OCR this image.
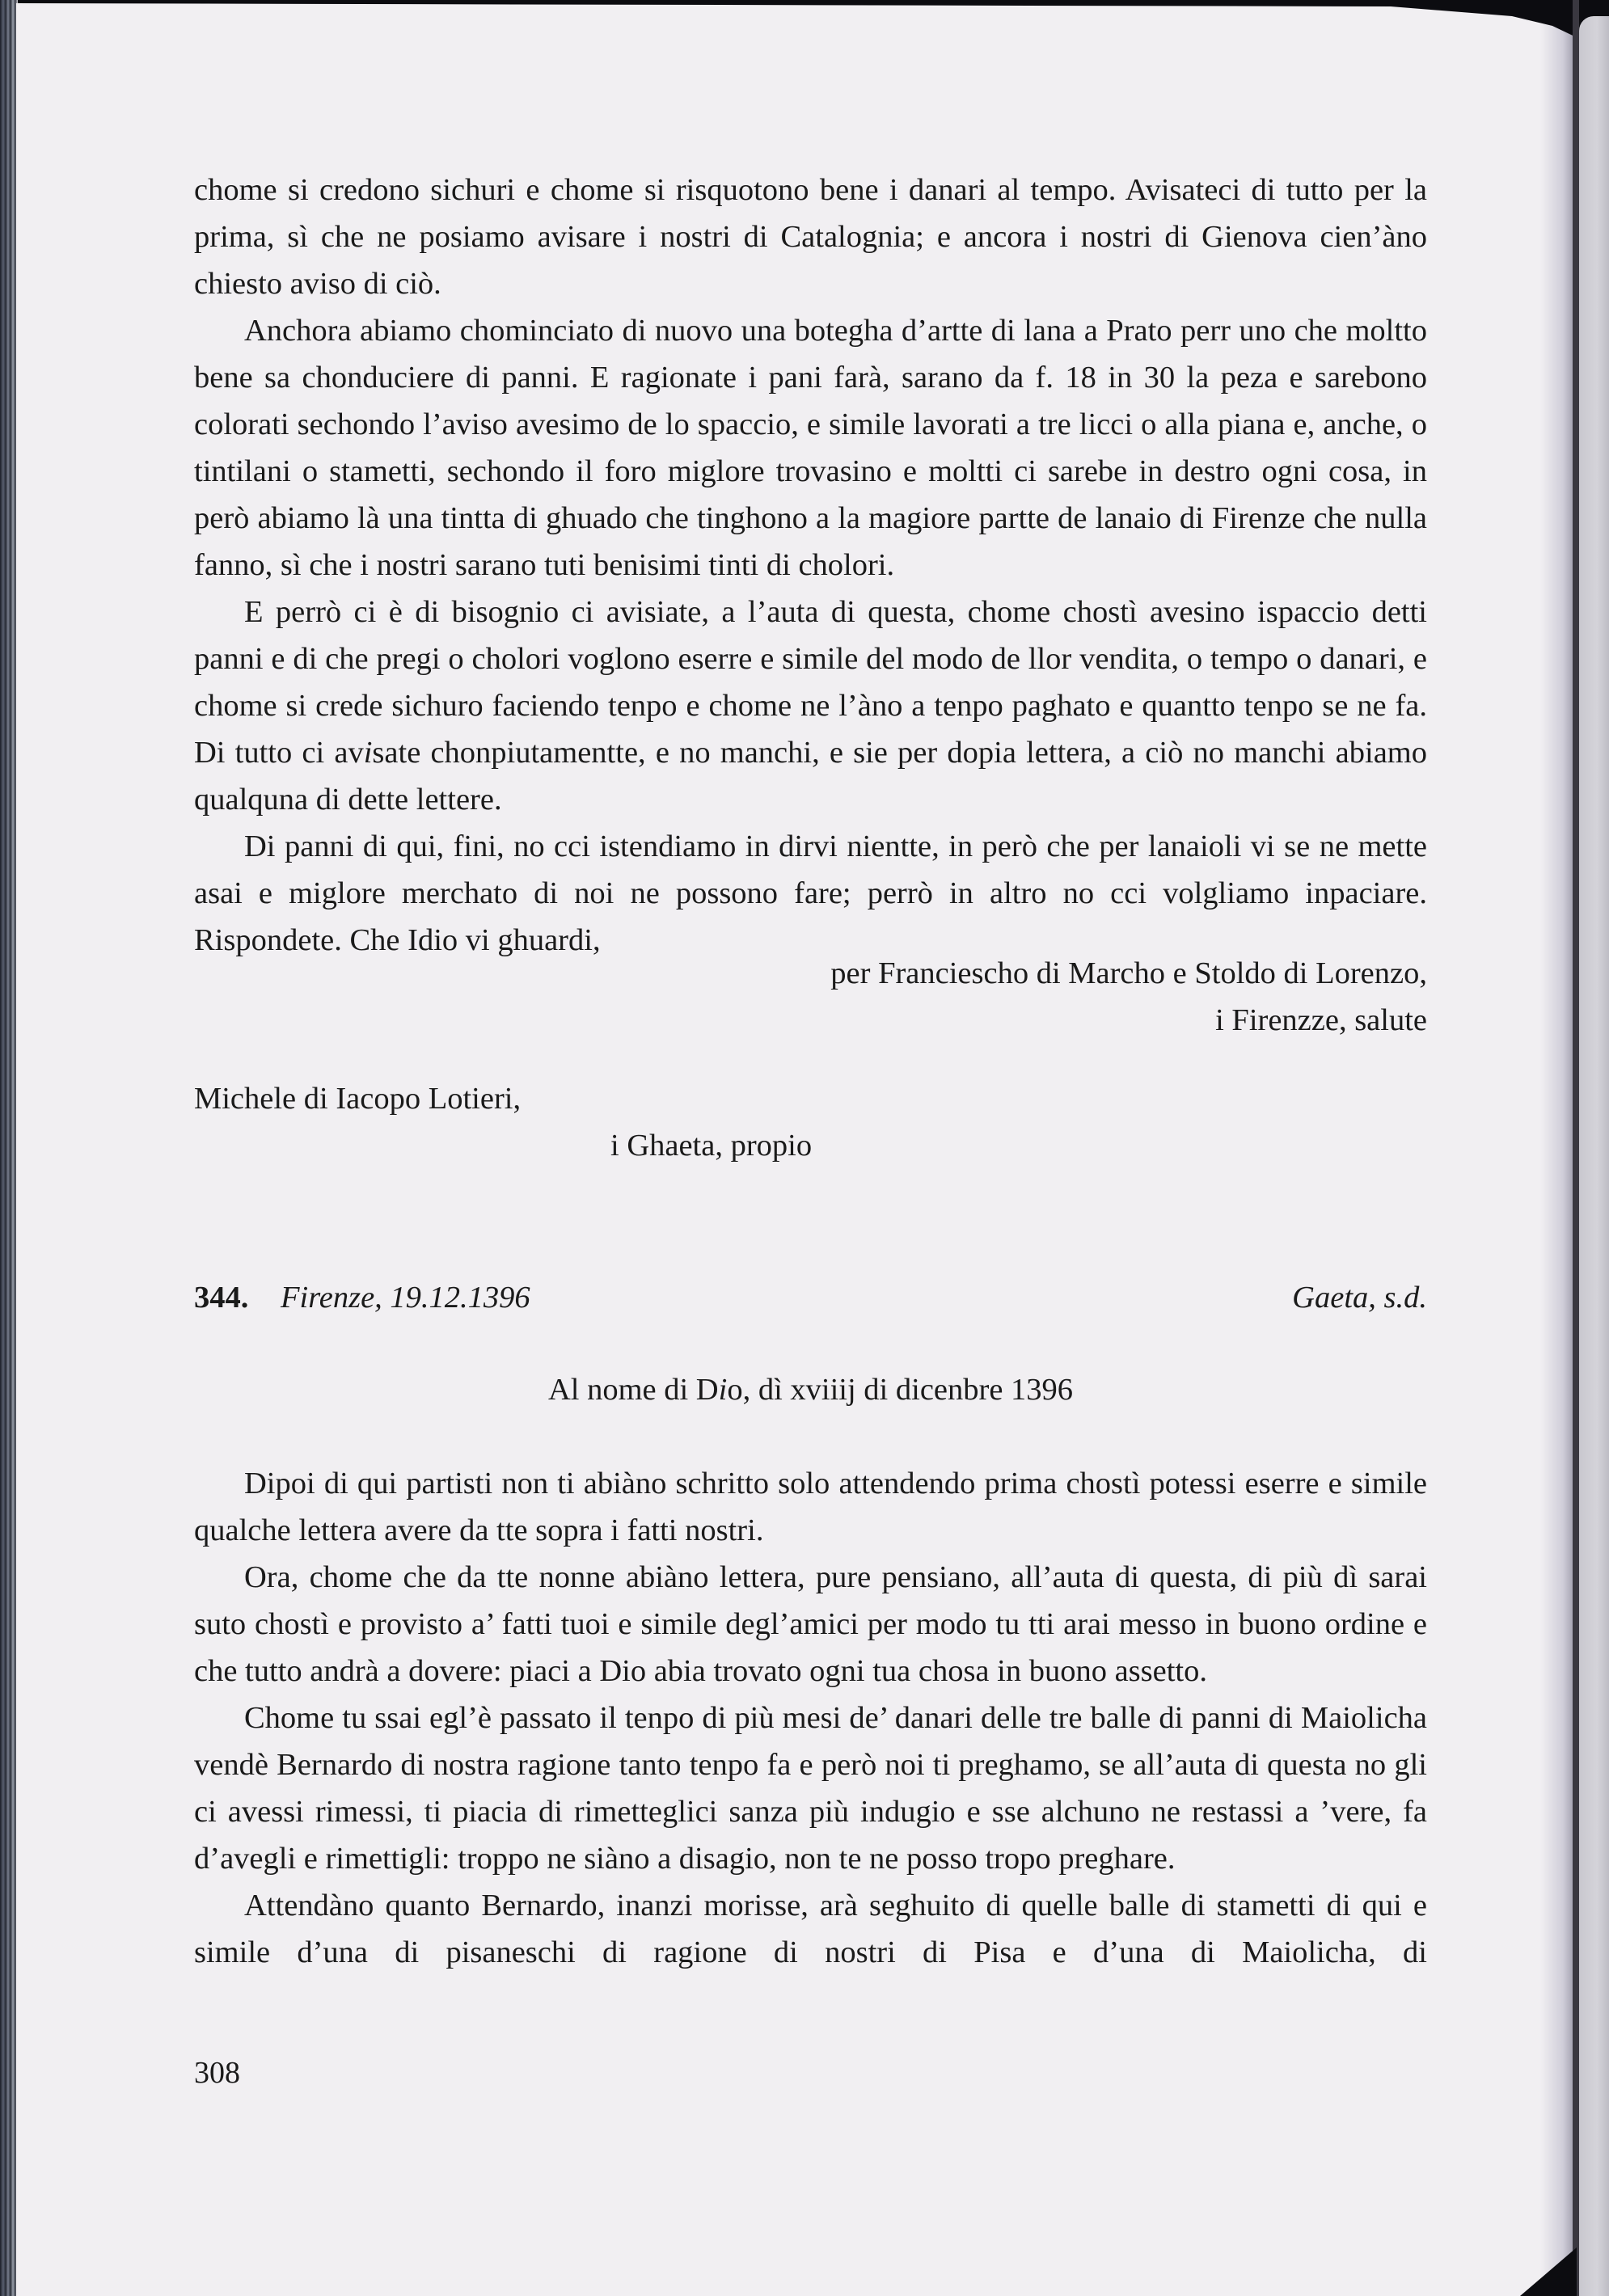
chome si credono sichuri e chome si risquotono bene i danari al tempo. Avisateci di tutto per la prima, sì che ne posiamo avisare i nostri di Catalognia; e ancora i nostri di Gienova cien’àno chiesto aviso di ciò.

Anchora abiamo chominciato di nuovo una botegha d’artte di lana a Prato perr uno che moltto bene sa chonduciere di panni. E ragionate i pani farà, sarano da f. 18 in 30 la peza e sarebono colorati sechondo l’aviso avesimo de lo spaccio, e simile lavorati a tre licci o alla piana e, anche, o tintilani o stametti, sechondo il foro miglore trovasino e moltti ci sarebe in destro ogni cosa, in però abiamo là una tintta di ghuado che tinghono a la magiore partte de lanaio di Firenze che nulla fanno, sì che i nostri sarano tuti benisimi tinti di cholori.

E perrò ci è di bisognio ci avisiate, a l’auta di questa, chome chostì avesino ispaccio detti panni e di che pregi o cholori voglono eserre e simile del modo de llor vendita, o tempo o danari, e chome si crede sichuro faciendo tenpo e chome ne l’àno a tenpo paghato e quantto tenpo se ne fa. Di tutto ci avisate chonpiutamentte, e no manchi, e sie per dopia lettera, a ciò no manchi abiamo qualquna di dette lettere.

Di panni di qui, fini, no cci istendiamo in dirvi nientte, in però che per lanaioli vi se ne mette asai e miglore merchato di noi ne possono fare; perrò in altro no cci volgliamo inpaciare. Rispondete. Che Idio vi ghuardi,

per Franciescho di Marcho e Stoldo di Lorenzo,

i Firenzze, salute

Michele di Iacopo Lotieri,

i Ghaeta, propio

344. Firenze, 19.12.1396	Gaeta, s.d.
Al nome di Dio, dì xviiij di dicenbre 1396

Dipoi di qui partisti non ti abiàno schritto solo attendendo prima chostì potessi eserre e simile qualche lettera avere da tte sopra i fatti nostri.

Ora, chome che da tte nonne abiàno lettera, pure pensiano, all’auta di questa, di più dì sarai suto chostì e provisto a’ fatti tuoi e simile degl’amici per modo tu tti arai messo in buono ordine e che tutto andrà a dovere: piaci a Dio abia trovato ogni tua chosa in buono assetto.

Chome tu ssai egl’è passato il tenpo di più mesi de’ danari delle tre balle di panni di Maiolicha vendè Bernardo di nostra ragione tanto tenpo fa e però noi ti preghamo, se all’auta di questa no gli ci avessi rimessi, ti piacia di rimetteglici sanza più indugio e sse alchuno ne restassi a ’vere, fa d’avegli e rimettigli: troppo ne siàno a disagio, non te ne posso tropo preghare.

Attendàno quanto Bernardo, inanzi morisse, arà seghuito di quelle balle di stametti di qui e simile d’una di pisaneschi di ragione di nostri di Pisa e d’una di Maiolicha, di

308
